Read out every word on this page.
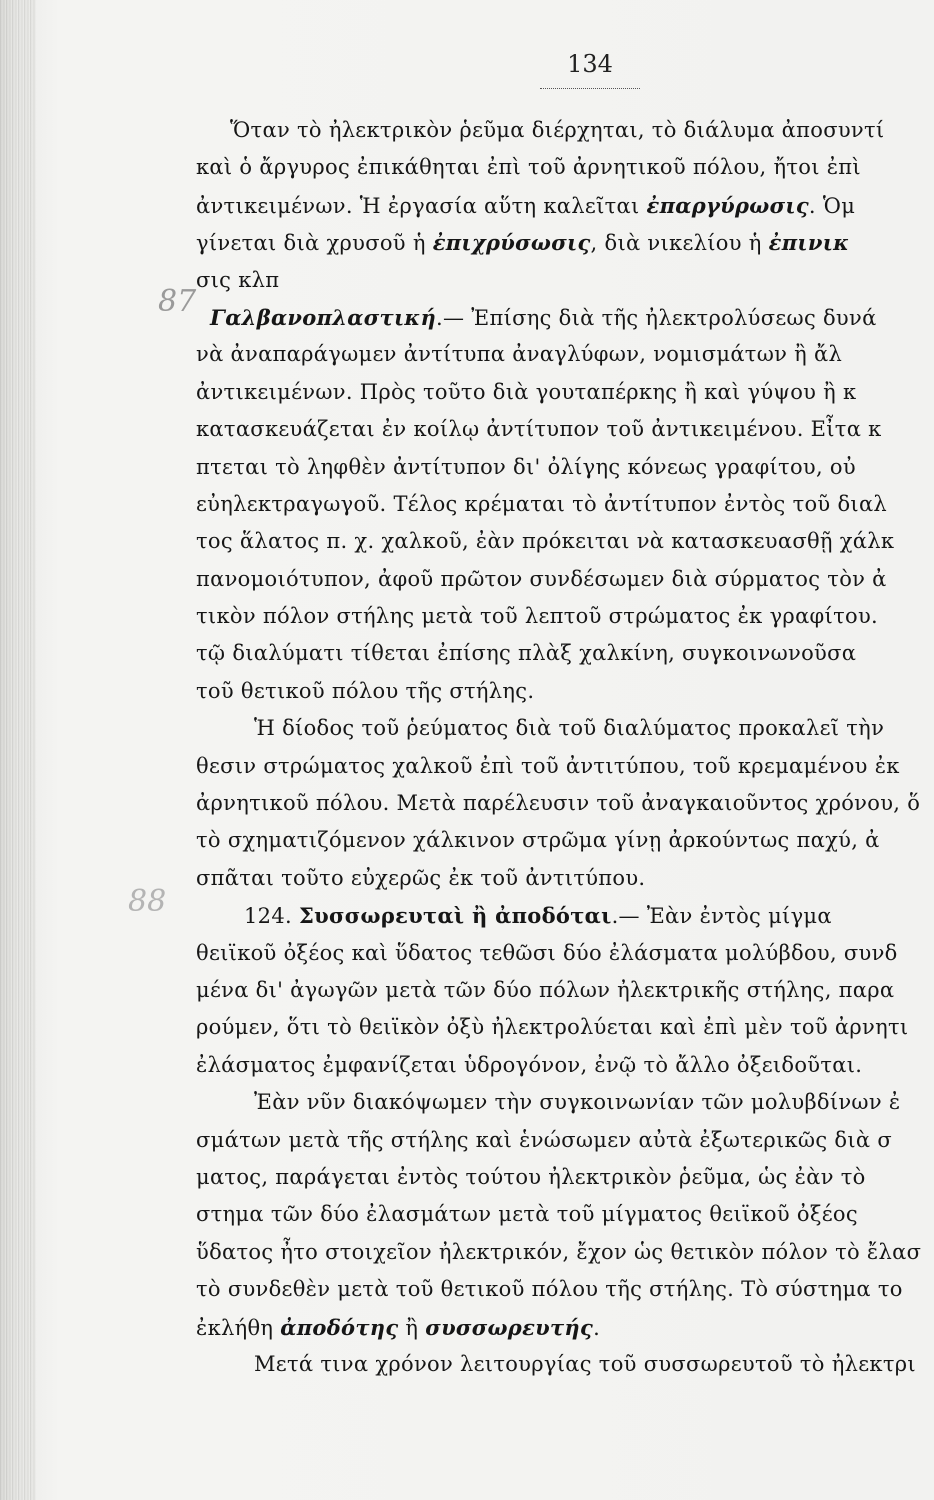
134
87
88
Ὅταν τὸ ἠλεκτρικὸν ῥεῦμα διέρχηται, τὸ διάλυμα ἀποσυντί
καὶ ὁ ἄργυρος ἐπικάθηται ἐπὶ τοῦ ἀρνητικοῦ πόλου, ἤτοι ἐπὶ
ἀντικειμένων. Ἡ ἐργασία αὕτη καλεῖται ἐπαργύρωσις. Ὁμ
γίνεται διὰ χρυσοῦ ἡ ἐπιχρύσωσις, διὰ νικελίου ἡ ἐπινικ
σις κλπ
Γαλβανοπλαστική.— Ἐπίσης διὰ τῆς ἠλεκτρολύσεως δυνά
νὰ ἀναπαράγωμεν ἀντίτυπα ἀναγλύφων, νομισμάτων ἢ ἄλ
ἀντικειμένων. Πρὸς τοῦτο διὰ γουταπέρκης ἢ καὶ γύψου ἢ κ
κατασκευάζεται ἐν κοίλῳ ἀντίτυπον τοῦ ἀντικειμένου. Εἶτα κ
πτεται τὸ ληφθὲν ἀντίτυπον δι' ὀλίγης κόνεως γραφίτου, οὐ
εὐηλεκτραγωγοῦ. Τέλος κρέμαται τὸ ἀντίτυπον ἐντὸς τοῦ διαλ
τος ἅλατος π. χ. χαλκοῦ, ἐὰν πρόκειται νὰ κατασκευασθῇ χάλκ
πανομοιότυπον, ἀφοῦ πρῶτον συνδέσωμεν διὰ σύρματος τὸν ἀ
τικὸν πόλον στήλης μετὰ τοῦ λεπτοῦ στρώματος ἐκ γραφίτου.
τῷ διαλύματι τίθεται ἐπίσης πλὰξ χαλκίνη, συγκοινωνοῦσα
τοῦ θετικοῦ πόλου τῆς στήλης.
Ἡ δίοδος τοῦ ῥεύματος διὰ τοῦ διαλύματος προκαλεῖ τὴν
θεσιν στρώματος χαλκοῦ ἐπὶ τοῦ ἀντιτύπου, τοῦ κρεμαμένου ἐκ
ἀρνητικοῦ πόλου. Μετὰ παρέλευσιν τοῦ ἀναγκαιοῦντος χρόνου, ὅ
τὸ σχηματιζόμενον χάλκινον στρῶμα γίνῃ ἀρκούντως παχύ, ἀ
σπᾶται τοῦτο εὐχερῶς ἐκ τοῦ ἀντιτύπου.
124. Συσσωρευταὶ ἢ ἀποδόται.— Ἐὰν ἐντὸς μίγμα
θειϊκοῦ ὀξέος καὶ ὕδατος τεθῶσι δύο ἐλάσματα μολύβδου, συνδ
μένα δι' ἀγωγῶν μετὰ τῶν δύο πόλων ἠλεκτρικῆς στήλης, παρα
ρούμεν, ὅτι τὸ θειϊκὸν ὀξὺ ἠλεκτρολύεται καὶ ἐπὶ μὲν τοῦ ἀρνητι
ἐλάσματος ἐμφανίζεται ὑδρογόνον, ἐνῷ τὸ ἄλλο ὀξειδοῦται.
Ἐὰν νῦν διακόψωμεν τὴν συγκοινωνίαν τῶν μολυβδίνων ἐ
σμάτων μετὰ τῆς στήλης καὶ ἑνώσωμεν αὐτὰ ἐξωτερικῶς διὰ σ
ματος, παράγεται ἐντὸς τούτου ἠλεκτρικὸν ῥεῦμα, ὡς ἐὰν τὸ
στημα τῶν δύο ἐλασμάτων μετὰ τοῦ μίγματος θειϊκοῦ ὀξέος
ὕδατος ἦτο στοιχεῖον ἠλεκτρικόν, ἔχον ὡς θετικὸν πόλον τὸ ἔλασ
τὸ συνδεθὲν μετὰ τοῦ θετικοῦ πόλου τῆς στήλης. Τὸ σύστημα το
ἐκλήθη ἀποδότης ἢ συσσωρευτής.
Μετά τινα χρόνον λειτουργίας τοῦ συσσωρευτοῦ τὸ ἠλεκτρι
